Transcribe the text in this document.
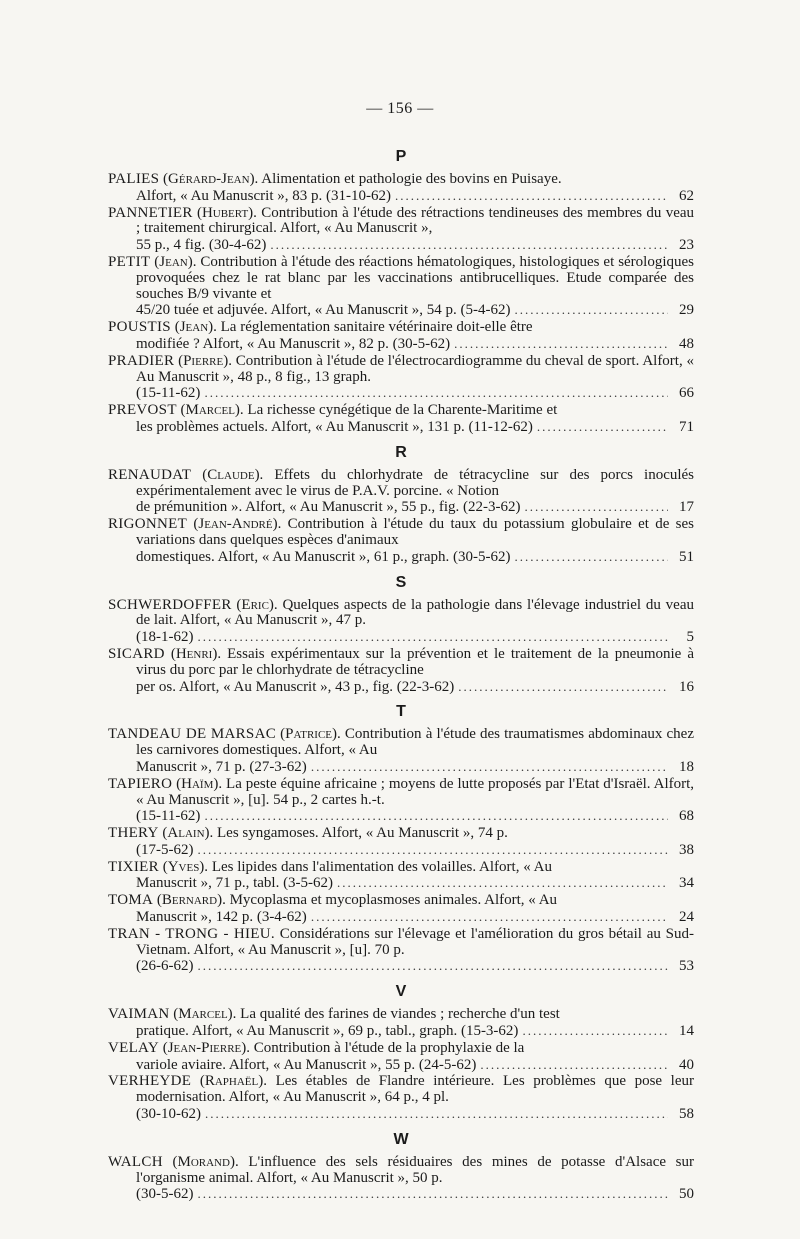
— 156 —
P
PALIES (Gérard-Jean). Alimentation et pathologie des bovins en Puisaye.
Alfort, « Au Manuscrit », 83 p. (31-10-62) .....	62
PANNETIER (Hubert). Contribution à l'étude des rétractions tendineuses des membres du veau ; traitement chirurgical. Alfort, « Au Manuscrit »,
55 p., 4 fig. (30-4-62) .....	23
PETIT (Jean). Contribution à l'étude des réactions hématologiques, histologiques et sérologiques provoquées chez le rat blanc par les vaccinations antibrucelliques. Etude comparée des souches B/9 vivante et
45/20 tuée et adjuvée. Alfort, « Au Manuscrit », 54 p. (5-4-62) .....	29
POUSTIS (Jean). La réglementation sanitaire vétérinaire doit-elle être
modifiée ? Alfort, « Au Manuscrit », 82 p. (30-5-62) .....	48
PRADIER (Pierre). Contribution à l'étude de l'électrocardiogramme du cheval de sport. Alfort, « Au Manuscrit », 48 p., 8 fig., 13 graph.
(15-11-62) .....	66
PREVOST (Marcel). La richesse cynégétique de la Charente-Maritime et
les problèmes actuels. Alfort, « Au Manuscrit », 131 p. (11-12-62) .....	71
R
RENAUDAT (Claude). Effets du chlorhydrate de tétracycline sur des porcs inoculés expérimentalement avec le virus de P.A.V. porcine. « Notion
de prémunition ». Alfort, « Au Manuscrit », 55 p., fig. (22-3-62) .....	17
RIGONNET (Jean-André). Contribution à l'étude du taux du potassium globulaire et de ses variations dans quelques espèces d'animaux
domestiques. Alfort, « Au Manuscrit », 61 p., graph. (30-5-62) .....	51
S
SCHWERDOFFER (Eric). Quelques aspects de la pathologie dans l'élevage industriel du veau de lait. Alfort, « Au Manuscrit », 47 p.
(18-1-62) .....	5
SICARD (Henri). Essais expérimentaux sur la prévention et le traitement de la pneumonie à virus du porc par le chlorhydrate de tétracycline
per os. Alfort, « Au Manuscrit », 43 p., fig. (22-3-62) .....	16
T
TANDEAU DE MARSAC (Patrice). Contribution à l'étude des traumatismes abdominaux chez les carnivores domestiques. Alfort, « Au
Manuscrit », 71 p. (27-3-62) .....	18
TAPIERO (Haïm). La peste équine africaine ; moyens de lutte proposés par l'Etat d'Israël. Alfort, « Au Manuscrit », [u]. 54 p., 2 cartes h.-t.
(15-11-62) .....	68
THERY (Alain). Les syngamoses. Alfort, « Au Manuscrit », 74 p.
(17-5-62) .....	38
TIXIER (Yves). Les lipides dans l'alimentation des volailles. Alfort, « Au
Manuscrit », 71 p., tabl. (3-5-62) .....	34
TOMA (Bernard). Mycoplasma et mycoplasmoses animales. Alfort, « Au
Manuscrit », 142 p. (3-4-62) .....	24
TRAN - TRONG - HIEU. Considérations sur l'élevage et l'amélioration du gros bétail au Sud-Vietnam. Alfort, « Au Manuscrit », [u]. 70 p.
(26-6-62) .....	53
V
VAIMAN (Marcel). La qualité des farines de viandes ; recherche d'un test
pratique. Alfort, « Au Manuscrit », 69 p., tabl., graph. (15-3-62) .....	14
VELAY (Jean-Pierre). Contribution à l'étude de la prophylaxie de la
variole aviaire. Alfort, « Au Manuscrit », 55 p. (24-5-62) .....	40
VERHEYDE (Raphaël). Les étables de Flandre intérieure. Les problèmes que pose leur modernisation. Alfort, « Au Manuscrit », 64 p., 4 pl.
(30-10-62) .....	58
W
WALCH (Morand). L'influence des sels résiduaires des mines de potasse d'Alsace sur l'organisme animal. Alfort, « Au Manuscrit », 50 p.
(30-5-62) .....	50
